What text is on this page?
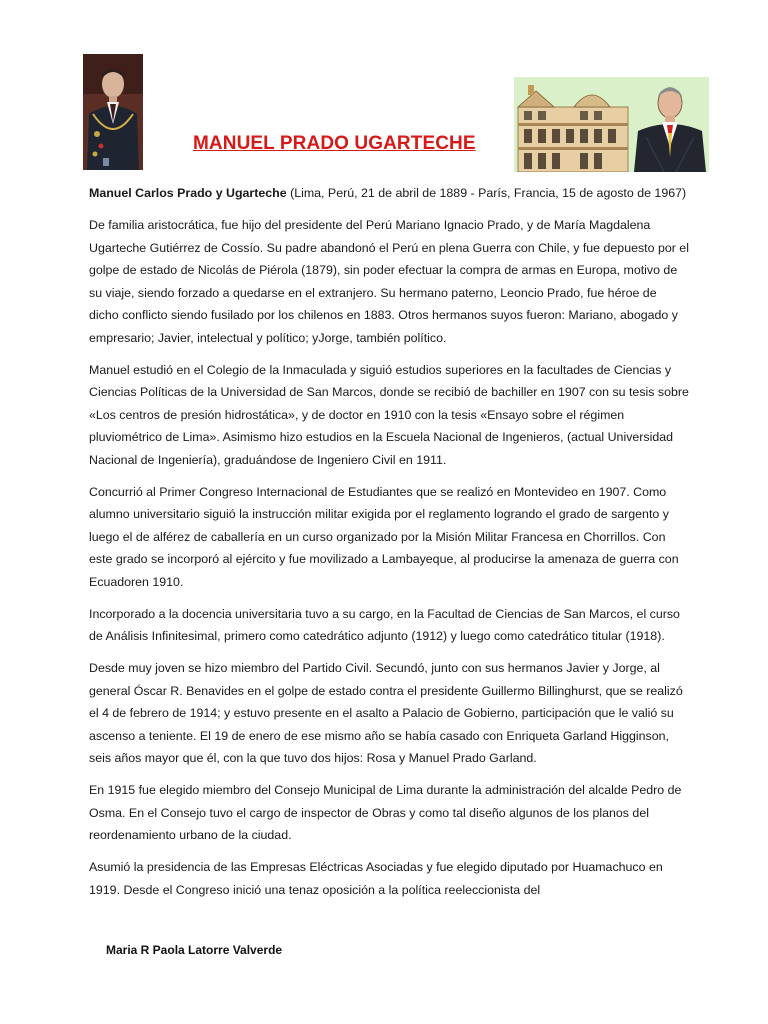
MANUEL PRADO UGARTECHE

Manuel Carlos Prado y Ugarteche (Lima, Perú, 21 de abril de 1889 - París, Francia, 15 de agosto de 1967)

De familia aristocrática, fue hijo del presidente del Perú Mariano Ignacio Prado, y de María Magdalena Ugarteche Gutiérrez de Cossío. Su padre abandonó el Perú en plena Guerra con Chile, y fue depuesto por el golpe de estado de Nicolás de Piérola (1879), sin poder efectuar la compra de armas en Europa, motivo de su viaje, siendo forzado a quedarse en el extranjero. Su hermano paterno, Leoncio Prado, fue héroe de dicho conflicto siendo fusilado por los chilenos en 1883. Otros hermanos suyos fueron: Mariano, abogado y empresario; Javier, intelectual y político; yJorge, también político.

Manuel estudió en el Colegio de la Inmaculada y siguió estudios superiores en la facultades de Ciencias y Ciencias Políticas de la Universidad de San Marcos, donde se recibió de bachiller en 1907 con su tesis sobre «Los centros de presión hidrostática», y de doctor en 1910 con la tesis «Ensayo sobre el régimen pluviométrico de Lima». Asimismo hizo estudios en la Escuela Nacional de Ingenieros, (actual Universidad Nacional de Ingeniería), graduándose de Ingeniero Civil en 1911.

Concurrió al Primer Congreso Internacional de Estudiantes que se realizó en Montevideo en 1907. Como alumno universitario siguió la instrucción militar exigida por el reglamento logrando el grado de sargento y luego el de alférez de caballería en un curso organizado por la Misión Militar Francesa en Chorrillos. Con este grado se incorporó al ejército y fue movilizado a Lambayeque, al producirse la amenaza de guerra con Ecuadoren 1910.

Incorporado a la docencia universitaria tuvo a su cargo, en la Facultad de Ciencias de San Marcos, el curso de Análisis Infinitesimal, primero como catedrático adjunto (1912) y luego como catedrático titular (1918).

Desde muy joven se hizo miembro del Partido Civil. Secundó, junto con sus hermanos Javier y Jorge, al general Óscar R. Benavides en el golpe de estado contra el presidente Guillermo Billinghurst, que se realizó el 4 de febrero de 1914; y estuvo presente en el asalto a Palacio de Gobierno, participación que le valió su ascenso a teniente. El 19 de enero de ese mismo año se había casado con Enriqueta Garland Higginson, seis años mayor que él, con la que tuvo dos hijos: Rosa y Manuel Prado Garland.

En 1915 fue elegido miembro del Consejo Municipal de Lima durante la administración del alcalde Pedro de Osma. En el Consejo tuvo el cargo de inspector de Obras y como tal diseño algunos de los planos del reordenamiento urbano de la ciudad.

Asumió la presidencia de las Empresas Eléctricas Asociadas y fue elegido diputado por Huamachuco en 1919. Desde el Congreso inició una tenaz oposición a la política reeleccionista del

Maria R Paola Latorre Valverde
